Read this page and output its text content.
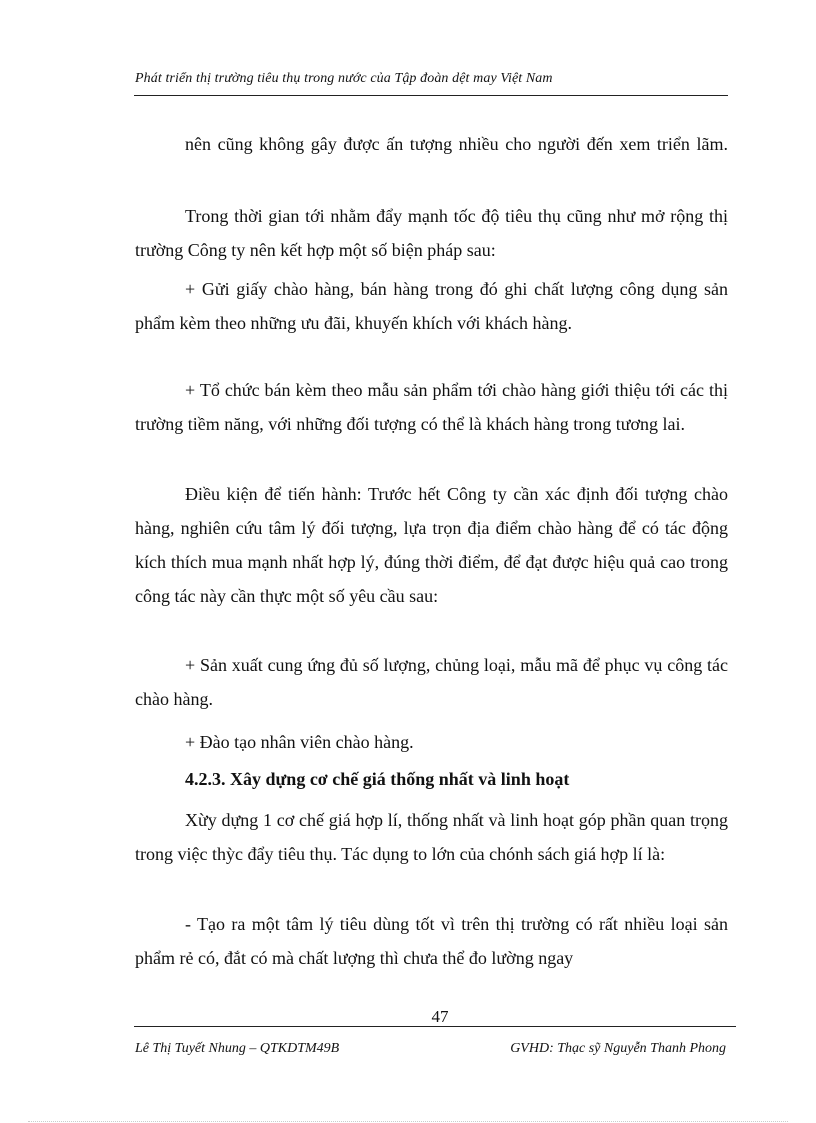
Phát triển thị trường tiêu thụ trong nước của Tập đoàn dệt may Việt Nam

nên cũng không gây được ấn tượng nhiều cho người đến xem triển lãm.

Trong thời gian tới nhằm đẩy mạnh tốc độ tiêu thụ cũng như mở rộng thị trường Công ty nên kết hợp một số biện pháp sau:

+ Gửi giấy chào hàng, bán hàng trong đó ghi chất lượng công dụng sản phẩm kèm theo những ưu đãi, khuyến khích với khách hàng.

+ Tổ chức bán kèm theo mẫu sản phẩm tới chào hàng giới thiệu tới các thị trường tiềm năng, với những đối tượng có thể là khách hàng trong tương lai.

Điều kiện để tiến hành: Trước hết Công ty cần xác định đối tượng chào hàng, nghiên cứu tâm lý đối tượng, lựa trọn địa điểm chào hàng để có tác động kích thích mua mạnh nhất hợp lý, đúng thời điểm, để đạt được hiệu quả cao trong công tác này cần thực một số yêu cầu sau:

+ Sản xuất cung ứng đủ số lượng, chủng loại, mẫu mã để phục vụ công tác chào hàng.

+ Đào tạo nhân viên chào hàng.

4.2.3. Xây dựng cơ chế giá thống nhất và linh hoạt

Xừy dựng 1 cơ chế giá hợp lí, thống nhất và linh hoạt góp phần quan trọng trong việc thỳc đẩy tiêu thụ. Tác dụng to lớn của chónh sách giá hợp lí là:

- Tạo ra một tâm lý tiêu dùng tốt vì trên thị trường có rất nhiều loại sản phẩm rẻ có, đắt có mà chất lượng thì chưa thể đo lường ngay

47
Lê Thị Tuyết Nhung – QTKDTM49B	GVHD: Thạc sỹ Nguyễn Thanh Phong
